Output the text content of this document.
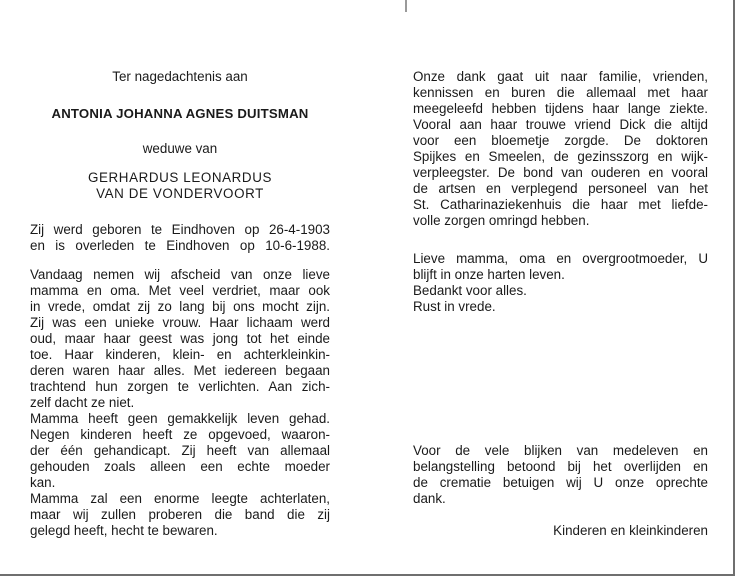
Ter nagedachtenis aan
ANTONIA JOHANNA AGNES DUITSMAN
weduwe van
GERHARDUS LEONARDUS
VAN DE VONDERVOORT
Zij werd geboren te Eindhoven op 26-4-1903
en is overleden te Eindhoven op 10-6-1988.
Vandaag nemen wij afscheid van onze lieve
mamma en oma. Met veel verdriet, maar ook
in vrede, omdat zij zo lang bij ons mocht zijn.
Zij was een unieke vrouw. Haar lichaam werd
oud, maar haar geest was jong tot het einde
toe. Haar kinderen, klein- en achterkleinkin-
deren waren haar alles. Met iedereen begaan
trachtend hun zorgen te verlichten. Aan zich-
zelf dacht ze niet.
Mamma heeft geen gemakkelijk leven gehad.
Negen kinderen heeft ze opgevoed, waaron-
der één gehandicapt. Zij heeft van allemaal
gehouden zoals alleen een echte moeder
kan.
Mamma zal een enorme leegte achterlaten,
maar wij zullen proberen die band die zij
gelegd heeft, hecht te bewaren.
Onze dank gaat uit naar familie, vrienden,
kennissen en buren die allemaal met haar
meegeleefd hebben tijdens haar lange ziekte.
Vooral aan haar trouwe vriend Dick die altijd
voor een bloemetje zorgde. De doktoren
Spijkes en Smeelen, de gezinsszorg en wijk-
verpleegster. De bond van ouderen en vooral
de artsen en verplegend personeel van het
St. Catharinaziekenhuis die haar met liefde-
volle zorgen omringd hebben.
Lieve mamma, oma en overgrootmoeder, U
blijft in onze harten leven.
Bedankt voor alles.
Rust in vrede.
Voor de vele blijken van medeleven en
belangstelling betoond bij het overlijden en
de crematie betuigen wij U onze oprechte
dank.
Kinderen en kleinkinderen
